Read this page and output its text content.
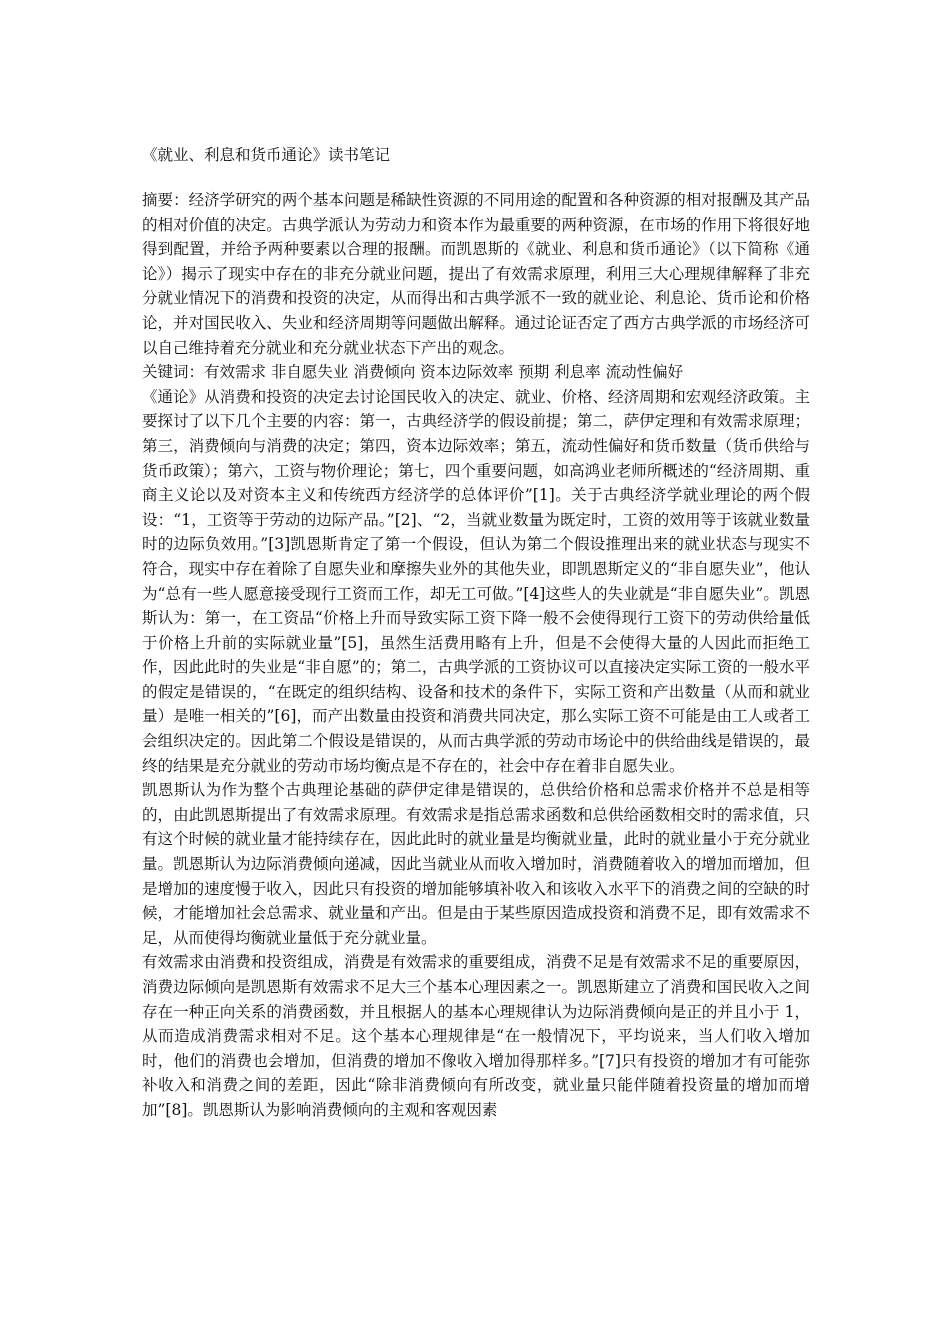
《就业、利息和货币通论》读书笔记

摘要：经济学研究的两个基本问题是稀缺性资源的不同用途的配置和各种资源的相对报酬及其产品的相对价值的决定。古典学派认为劳动力和资本作为最重要的两种资源，在市场的作用下将很好地得到配置，并给予两种要素以合理的报酬。而凯恩斯的《就业、利息和货币通论》（以下简称《通论》）揭示了现实中存在的非充分就业问题，提出了有效需求原理，利用三大心理规律解释了非充分就业情况下的消费和投资的决定，从而得出和古典学派不一致的就业论、利息论、货币论和价格论，并对国民收入、失业和经济周期等问题做出解释。通过论证否定了西方古典学派的市场经济可以自己维持着充分就业和充分就业状态下产出的观念。

关键词：有效需求 非自愿失业 消费倾向 资本边际效率 预期 利息率 流动性偏好

《通论》从消费和投资的决定去讨论国民收入的决定、就业、价格、经济周期和宏观经济政策。主要探讨了以下几个主要的内容：第一，古典经济学的假设前提；第二，萨伊定理和有效需求原理；第三，消费倾向与消费的决定；第四，资本边际效率；第五，流动性偏好和货币数量（货币供给与货币政策）；第六，工资与物价理论；第七，四个重要问题，如高鸿业老师所概述的“经济周期、重商主义论以及对资本主义和传统西方经济学的总体评价”[1]。关于古典经济学就业理论的两个假设：“1，工资等于劳动的边际产品。”[2]、“2，当就业数量为既定时，工资的效用等于该就业数量时的边际负效用。”[3]凯恩斯肯定了第一个假设，但认为第二个假设推理出来的就业状态与现实不符合，现实中存在着除了自愿失业和摩擦失业外的其他失业，即凯恩斯定义的“非自愿失业”，他认为“总有一些人愿意接受现行工资而工作，却无工可做。”[4]这些人的失业就是“非自愿失业”。凯恩斯认为：第一，在工资品“价格上升而导致实际工资下降一般不会使得现行工资下的劳动供给量低于价格上升前的实际就业量”[5]，虽然生活费用略有上升，但是不会使得大量的人因此而拒绝工作，因此此时的失业是“非自愿”的；第二，古典学派的工资协议可以直接决定实际工资的一般水平的假定是错误的，“在既定的组织结构、设备和技术的条件下，实际工资和产出数量（从而和就业量）是唯一相关的”[6]，而产出数量由投资和消费共同决定，那么实际工资不可能是由工人或者工会组织决定的。因此第二个假设是错误的，从而古典学派的劳动市场论中的供给曲线是错误的，最终的结果是充分就业的劳动市场均衡点是不存在的，社会中存在着非自愿失业。

凯恩斯认为作为整个古典理论基础的萨伊定律是错误的，总供给价格和总需求价格并不总是相等的，由此凯恩斯提出了有效需求原理。有效需求是指总需求函数和总供给函数相交时的需求值，只有这个时候的就业量才能持续存在，因此此时的就业量是均衡就业量，此时的就业量小于充分就业量。凯恩斯认为边际消费倾向递减，因此当就业从而收入增加时，消费随着收入的增加而增加，但是增加的速度慢于收入，因此只有投资的增加能够填补收入和该收入水平下的消费之间的空缺的时候，才能增加社会总需求、就业量和产出。但是由于某些原因造成投资和消费不足，即有效需求不足，从而使得均衡就业量低于充分就业量。

有效需求由消费和投资组成，消费是有效需求的重要组成，消费不足是有效需求不足的重要原因，消费边际倾向是凯恩斯有效需求不足大三个基本心理因素之一。凯恩斯建立了消费和国民收入之间存在一种正向关系的消费函数，并且根据人的基本心理规律认为边际消费倾向是正的并且小于 1，从而造成消费需求相对不足。这个基本心理规律是“在一般情况下，平均说来，当人们收入增加时，他们的消费也会增加，但消费的增加不像收入增加得那样多。”[7]只有投资的增加才有可能弥补收入和消费之间的差距，因此“除非消费倾向有所改变，就业量只能伴随着投资量的增加而增加”[8]。凯恩斯认为影响消费倾向的主观和客观因素
